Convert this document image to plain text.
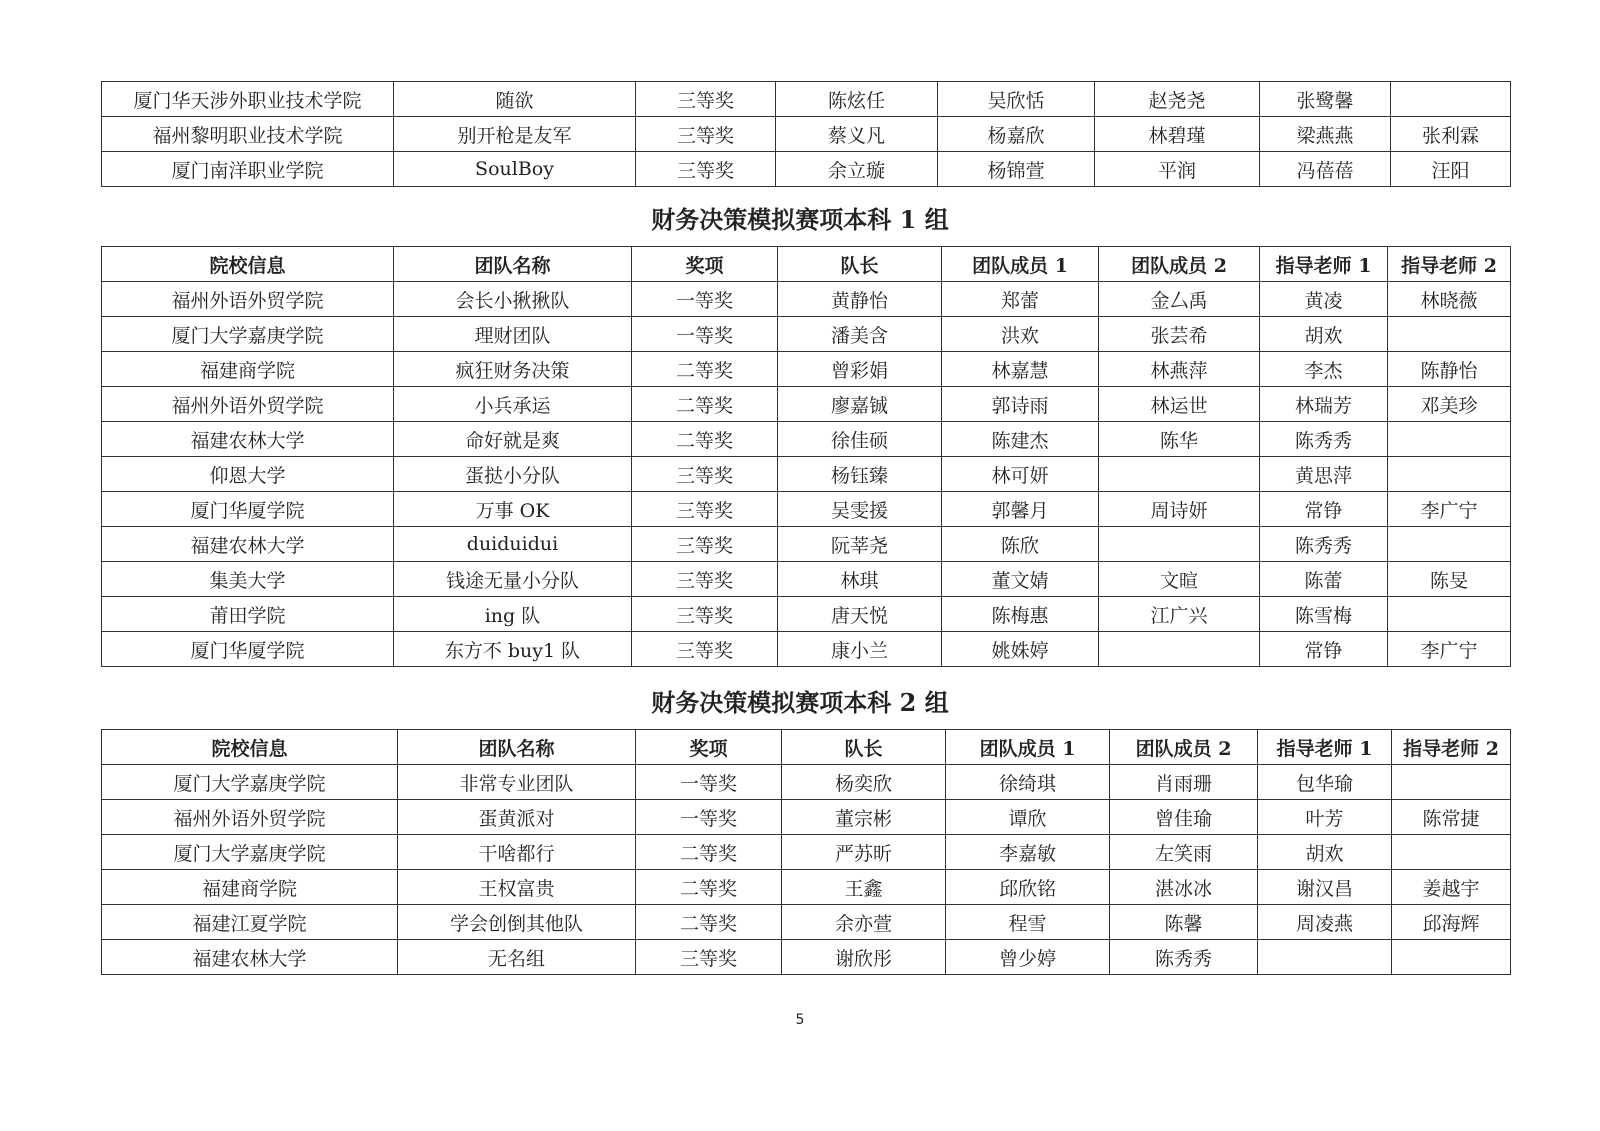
厦门华天涉外职业技术学院	随欲	三等奖	陈炫任	吴欣恬	赵尧尧	张鹭馨	
福州黎明职业技术学院	别开枪是友军	三等奖	蔡义凡	杨嘉欣	林碧瑾	梁燕燕	张利霖
厦门南洋职业学院	SoulBoy	三等奖	余立璇	杨锦萱	平润	冯蓓蓓	汪阳
财务决策模拟赛项本科 1 组
院校信息	团队名称	奖项	队长	团队成员 1	团队成员 2	指导老师 1	指导老师 2
福州外语外贸学院	会长小揪揪队	一等奖	黄静怡	郑蕾	金厶禹	黄凌	林晓薇
厦门大学嘉庚学院	理财团队	一等奖	潘美含	洪欢	张芸希	胡欢	
福建商学院	疯狂财务决策	二等奖	曾彩娟	林嘉慧	林燕萍	李杰	陈静怡
福州外语外贸学院	小兵承运	二等奖	廖嘉铖	郭诗雨	林运世	林瑞芳	邓美珍
福建农林大学	命好就是爽	二等奖	徐佳硕	陈建杰	陈华	陈秀秀	
仰恩大学	蛋挞小分队	三等奖	杨钰臻	林可妍		黄思萍	
厦门华厦学院	万事 OK	三等奖	吴雯援	郭馨月	周诗妍	常铮	李广宁
福建农林大学	duiduidui	三等奖	阮莘尧	陈欣		陈秀秀	
集美大学	钱途无量小分队	三等奖	林琪	董文婧	文暄	陈蕾	陈旻
莆田学院	ing 队	三等奖	唐天悦	陈梅惠	江广兴	陈雪梅	
厦门华厦学院	东方不 buy1 队	三等奖	康小兰	姚姝婷		常铮	李广宁
财务决策模拟赛项本科 2 组
院校信息	团队名称	奖项	队长	团队成员 1	团队成员 2	指导老师 1	指导老师 2
厦门大学嘉庚学院	非常专业团队	一等奖	杨奕欣	徐绮琪	肖雨珊	包华瑜	
福州外语外贸学院	蛋黄派对	一等奖	董宗彬	谭欣	曾佳瑜	叶芳	陈常捷
厦门大学嘉庚学院	干啥都行	二等奖	严苏昕	李嘉敏	左笑雨	胡欢	
福建商学院	王权富贵	二等奖	王鑫	邱欣铭	湛冰冰	谢汉昌	姜越宇
福建江夏学院	学会创倒其他队	二等奖	余亦萱	程雪	陈馨	周凌燕	邱海辉
福建农林大学	无名组	三等奖	谢欣彤	曾少婷	陈秀秀		
5
